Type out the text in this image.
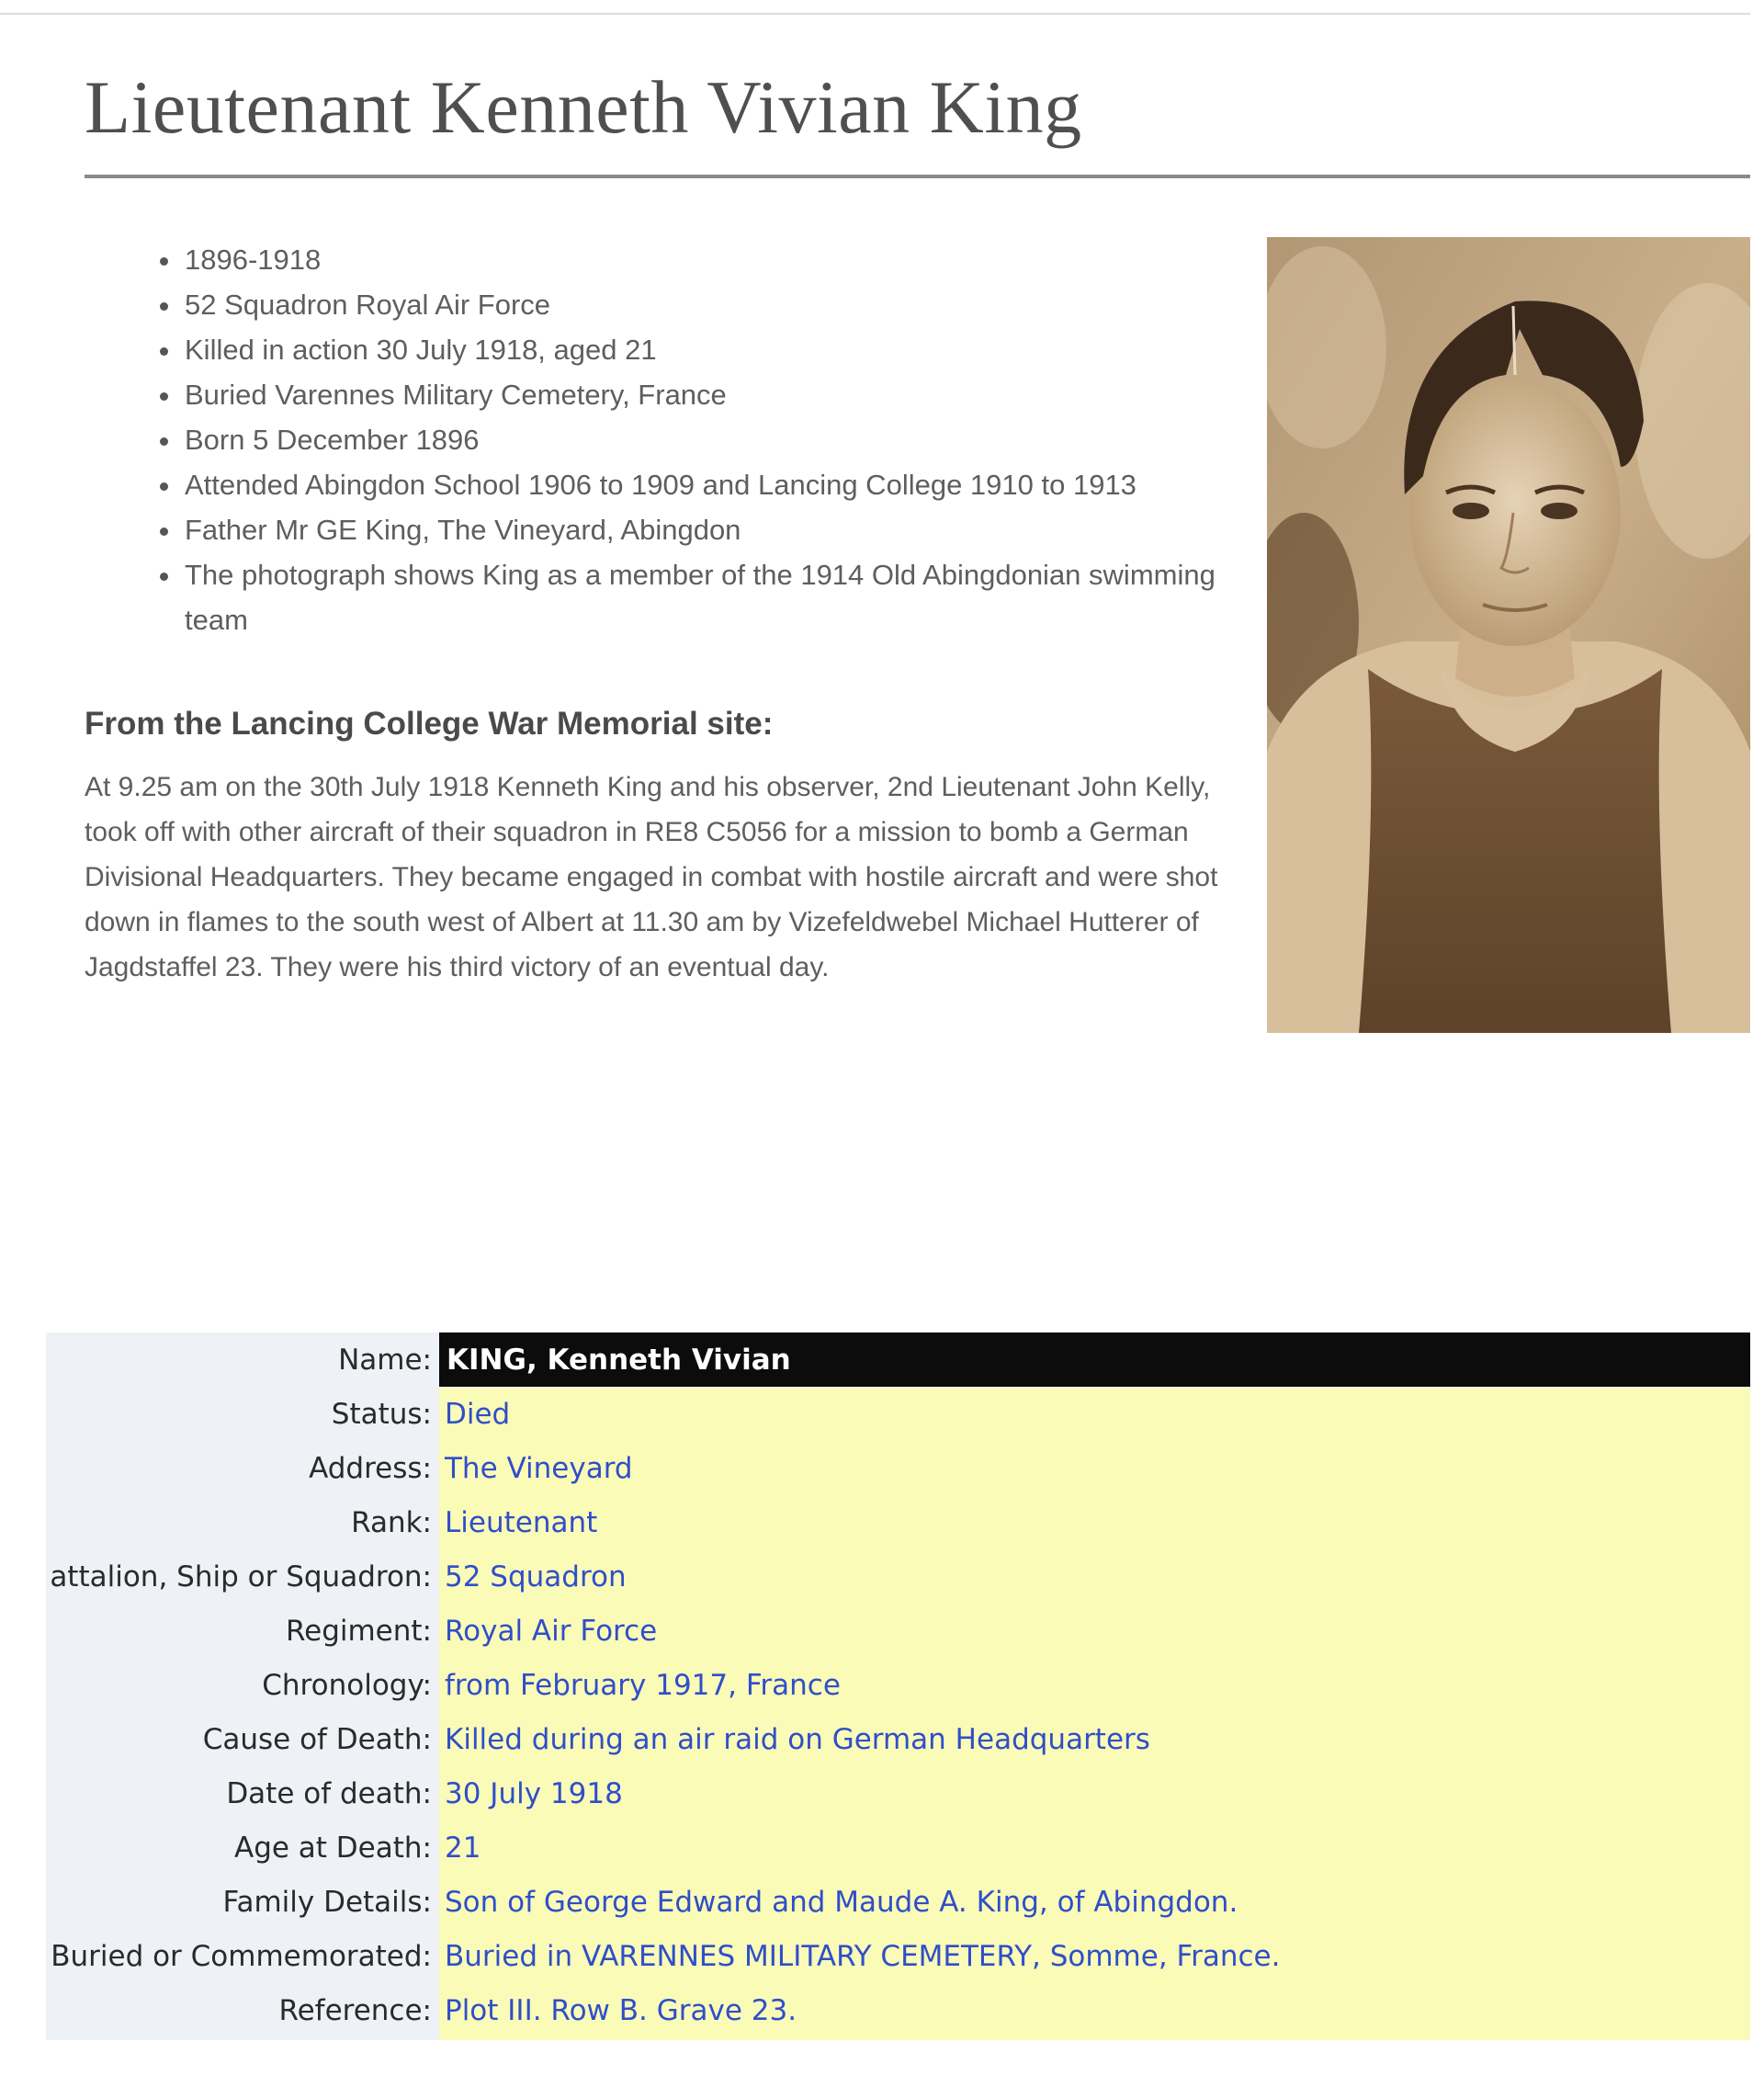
Lieutenant Kenneth Vivian King
• 1896-1918
• 52 Squadron Royal Air Force
• Killed in action 30 July 1918, aged 21
• Buried Varennes Military Cemetery, France
• Born 5 December 1896
• Attended Abingdon School 1906 to 1909 and Lancing College 1910 to 1913
• Father Mr GE King, The Vineyard, Abingdon
• The photograph shows King as a member of the 1914 Old Abingdonian swimming team
From the Lancing College War Memorial site:

At 9.25 am on the 30th July 1918 Kenneth King and his observer, 2nd Lieutenant John Kelly, took off with other aircraft of their squadron in RE8 C5056 for a mission to bomb a German Divisional Headquarters. They became engaged in combat with hostile aircraft and were shot down in flames to the south west of Albert at 11.30 am by Vizefeldwebel Michael Hutterer of Jagdstaffel 23. They were his third victory of an eventual day.

Name: KING, Kenneth Vivian
Status: Died
Address: The Vineyard
Rank: Lieutenant
attalion, Ship or Squadron: 52 Squadron
Regiment: Royal Air Force
Chronology: from February 1917, France
Cause of Death: Killed during an air raid on German Headquarters
Date of death: 30 July 1918
Age at Death: 21
Family Details: Son of George Edward and Maude A. King, of Abingdon.
Buried or Commemorated: Buried in VARENNES MILITARY CEMETERY, Somme, France.
Reference: Plot III. Row B. Grave 23.
